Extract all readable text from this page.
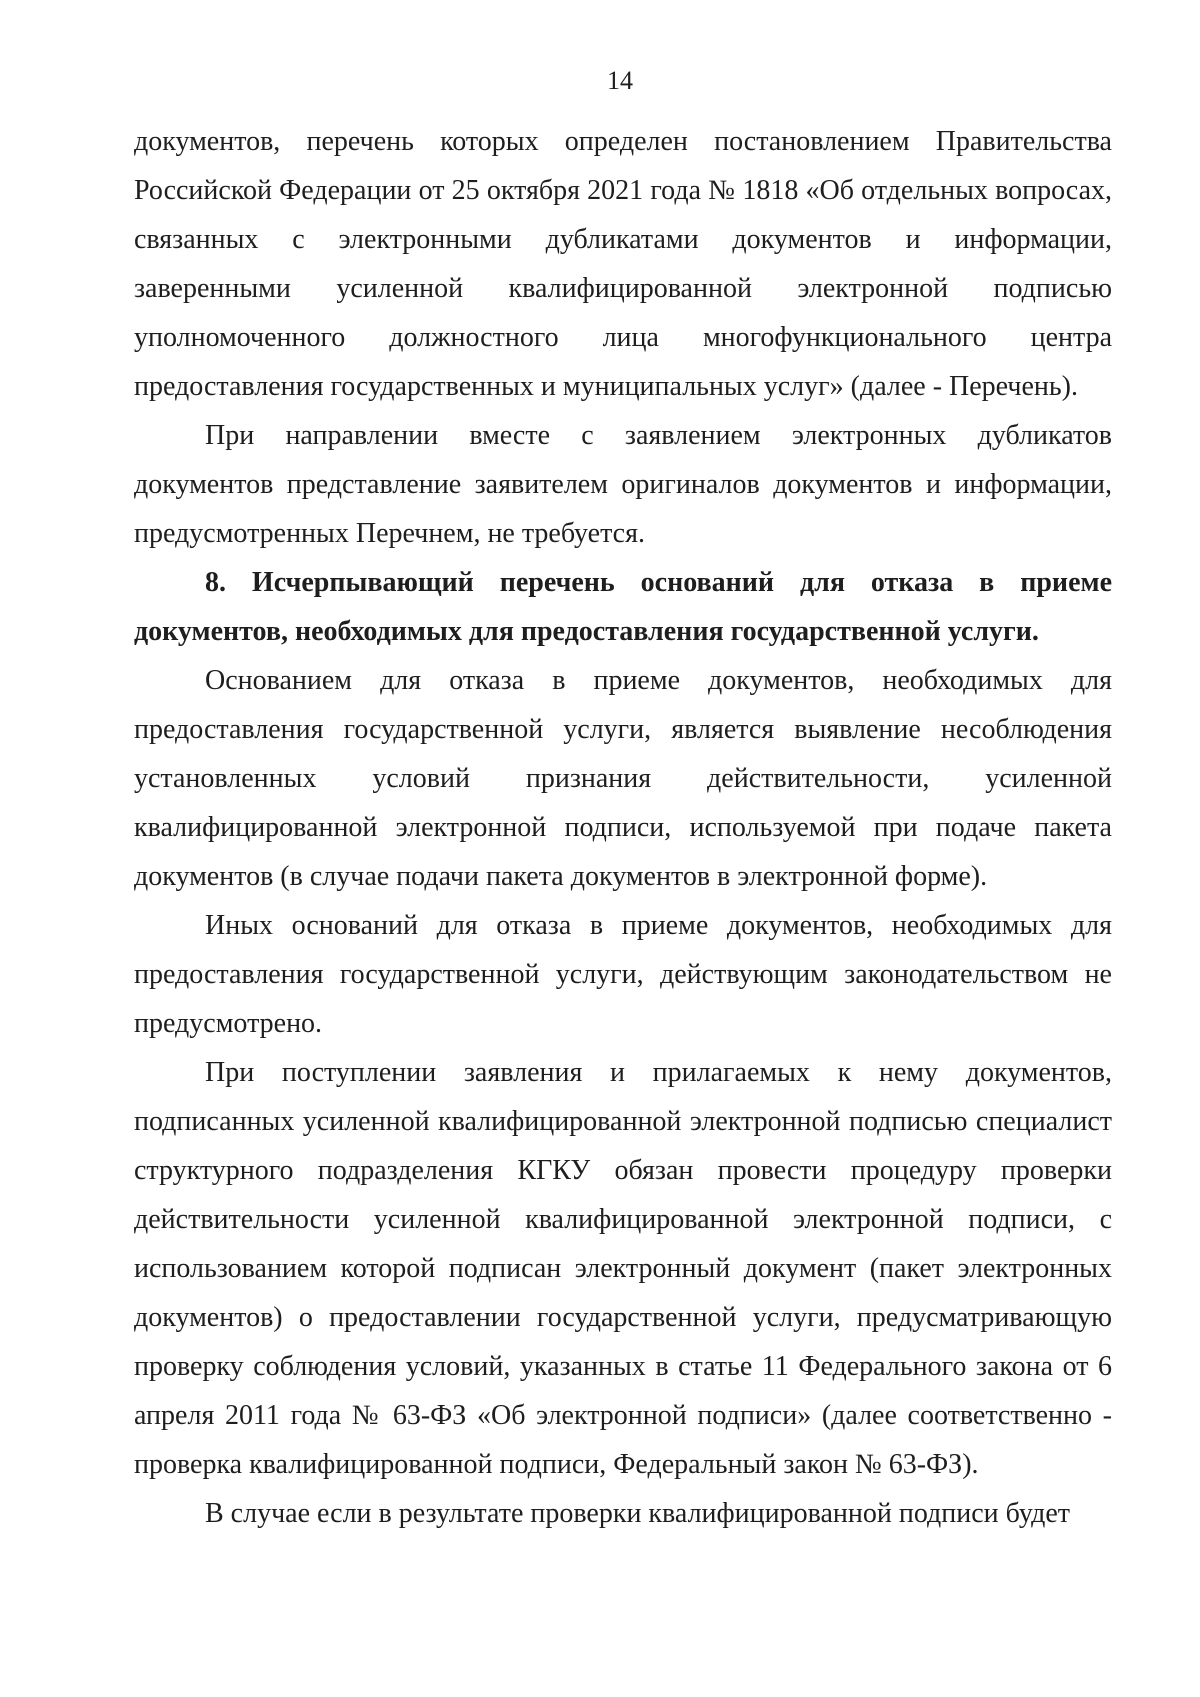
14

документов, перечень которых определен постановлением Правительства Российской Федерации от 25 октября 2021 года № 1818 «Об отдельных вопросах, связанных с электронными дубликатами документов и информации, заверенными усиленной квалифицированной электронной подписью уполномоченного должностного лица многофункционального центра предоставления государственных и муниципальных услуг» (далее - Перечень).

При направлении вместе с заявлением электронных дубликатов документов представление заявителем оригиналов документов и информации, предусмотренных Перечнем, не требуется.

8. Исчерпывающий перечень оснований для отказа в приеме документов, необходимых для предоставления государственной услуги.

Основанием для отказа в приеме документов, необходимых для предоставления государственной услуги, является выявление несоблюдения установленных условий признания действительности, усиленной квалифицированной электронной подписи, используемой при подаче пакета документов (в случае подачи пакета документов в электронной форме).

Иных оснований для отказа в приеме документов, необходимых для предоставления государственной услуги, действующим законодательством не предусмотрено.

При поступлении заявления и прилагаемых к нему документов, подписанных усиленной квалифицированной электронной подписью специалист структурного подразделения КГКУ обязан провести процедуру проверки действительности усиленной квалифицированной электронной подписи, с использованием которой подписан электронный документ (пакет электронных документов) о предоставлении государственной услуги, предусматривающую проверку соблюдения условий, указанных в статье 11 Федерального закона от 6 апреля 2011 года № 63-ФЗ «Об электронной подписи» (далее соответственно - проверка квалифицированной подписи, Федеральный закон № 63-ФЗ).

В случае если в результате проверки квалифицированной подписи будет
